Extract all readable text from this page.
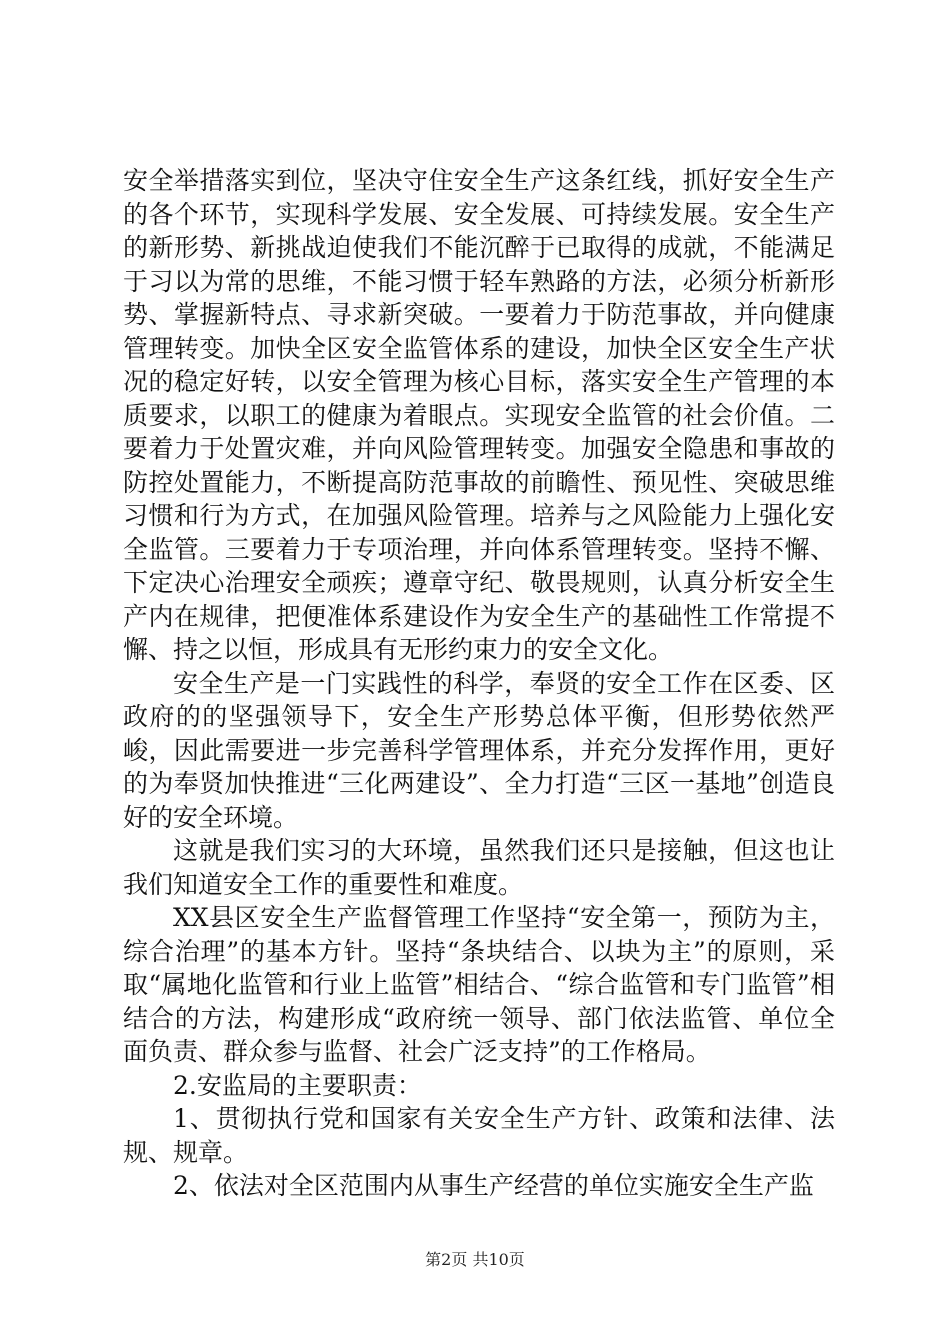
安全举措落实到位，坚决守住安全生产这条红线，抓好安全生产的各个环节，实现科学发展、安全发展、可持续发展。安全生产的新形势、新挑战迫使我们不能沉醉于已取得的成就，不能满足于习以为常的思维，不能习惯于轻车熟路的方法，必须分析新形势、掌握新特点、寻求新突破。一要着力于防范事故，并向健康管理转变。加快全区安全监管体系的建设，加快全区安全生产状况的稳定好转，以安全管理为核心目标，落实安全生产管理的本质要求，以职工的健康为着眼点。实现安全监管的社会价值。二要着力于处置灾难，并向风险管理转变。加强安全隐患和事故的防控处置能力，不断提高防范事故的前瞻性、预见性、突破思维习惯和行为方式，在加强风险管理。培养与之风险能力上强化安全监管。三要着力于专项治理，并向体系管理转变。坚持不懈、下定决心治理安全顽疾；遵章守纪、敬畏规则，认真分析安全生产内在规律，把便准体系建设作为安全生产的基础性工作常提不懈、持之以恒，形成具有无形约束力的安全文化。

安全生产是一门实践性的科学，奉贤的安全工作在区委、区政府的的坚强领导下，安全生产形势总体平衡，但形势依然严峻，因此需要进一步完善科学管理体系，并充分发挥作用，更好的为奉贤加快推进“三化两建设”、全力打造“三区一基地”创造良好的安全环境。

这就是我们实习的大环境，虽然我们还只是接触，但这也让我们知道安全工作的重要性和难度。

XX县区安全生产监督管理工作坚持“安全第一，预防为主，综合治理”的基本方针。坚持“条块结合、以块为主”的原则，采取“属地化监管和行业上监管”相结合、“综合监管和专门监管”相结合的方法，构建形成“政府统一领导、部门依法监管、单位全面负责、群众参与监督、社会广泛支持”的工作格局。

2.安监局的主要职责：

1、贯彻执行党和国家有关安全生产方针、政策和法律、法规、规章。

2、依法对全区范围内从事生产经营的单位实施安全生产监

第2页 共10页
